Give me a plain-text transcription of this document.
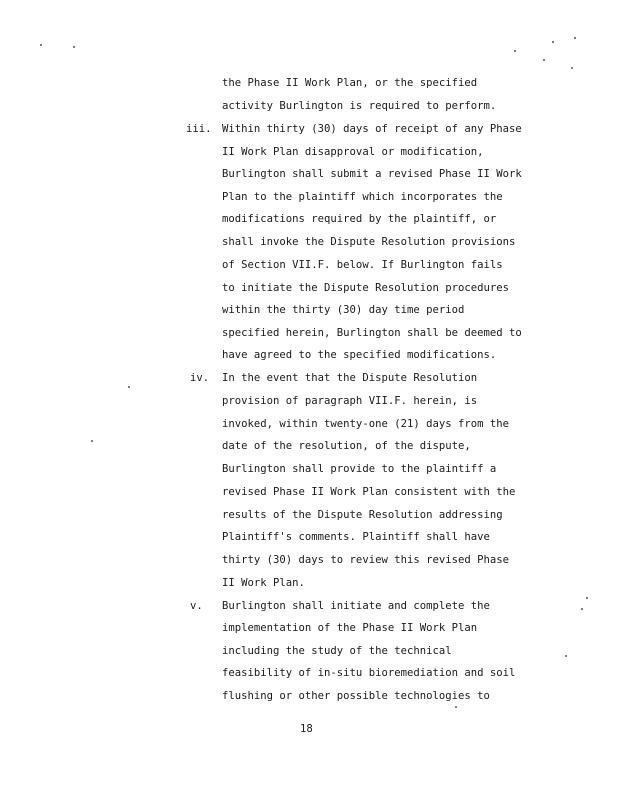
the Phase II Work Plan, or the specified
activity Burlington is required to perform.
iii. Within thirty (30) days of receipt of any Phase
II Work Plan disapproval or modification,
Burlington shall submit a revised Phase II Work
Plan to the plaintiff which incorporates the
modifications required by the plaintiff, or
shall invoke the Dispute Resolution provisions
of Section VII.F. below. If Burlington fails
to initiate the Dispute Resolution procedures
within the thirty (30) day time period
specified herein, Burlington shall be deemed to
have agreed to the specified modifications.
iv. In the event that the Dispute Resolution
provision of paragraph VII.F. herein, is
invoked, within twenty-one (21) days from the
date of the resolution, of the dispute,
Burlington shall provide to the plaintiff a
revised Phase II Work Plan consistent with the
results of the Dispute Resolution addressing
Plaintiff's comments. Plaintiff shall have
thirty (30) days to review this revised Phase
II Work Plan.
v. Burlington shall initiate and complete the
implementation of the Phase II Work Plan
including the study of the technical
feasibility of in-situ bioremediation and soil
flushing or other possible technologies to
18
